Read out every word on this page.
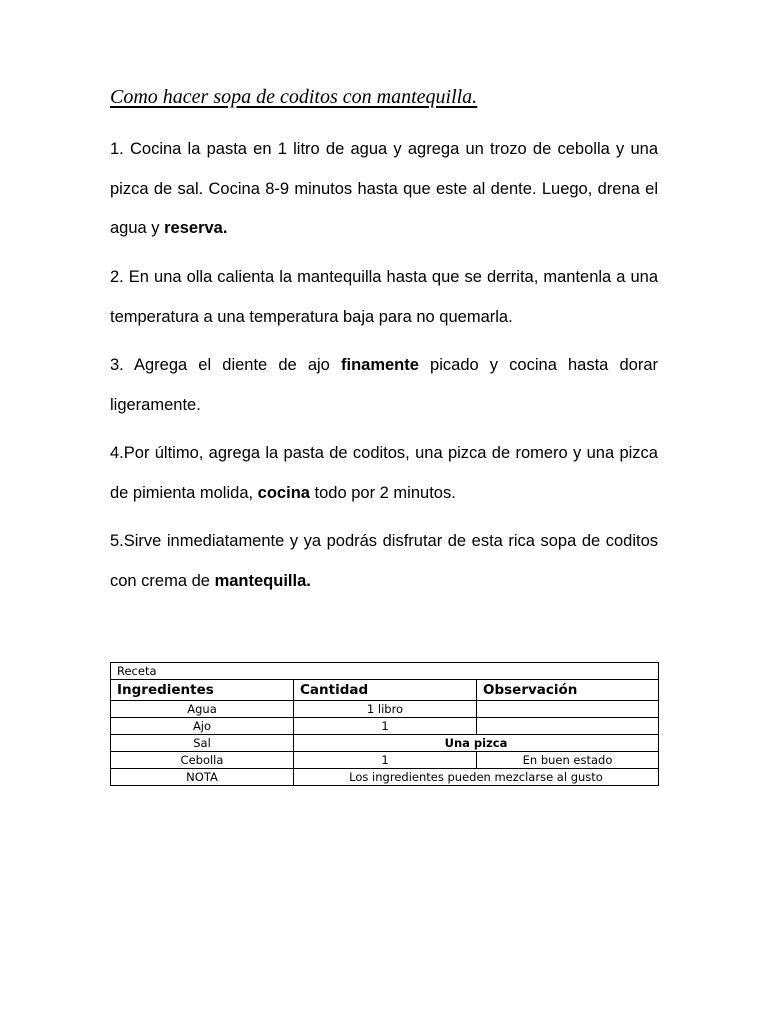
Como hacer sopa de coditos con mantequilla.

1. Cocina la pasta en 1 litro de agua y agrega un trozo de cebolla y una pizca de sal. Cocina 8-9 minutos hasta que este al dente. Luego, drena el agua y reserva.

2. En una olla calienta la mantequilla hasta que se derrita, mantenla a una temperatura a una temperatura baja para no quemarla.

3. Agrega el diente de ajo finamente picado y cocina hasta dorar ligeramente.

4.Por último, agrega la pasta de coditos, una pizca de romero y una pizca de pimienta molida, cocina todo por 2 minutos.

5.Sirve inmediatamente y ya podrás disfrutar de esta rica sopa de coditos con crema de mantequilla.

Receta		
Ingredientes	Cantidad	Observación
Agua	1 libro	
Ajo	1	
Sal	Una pizca	
Cebolla	1	En buen estado
NOTA	Los ingredientes pueden mezclarse al gusto	
